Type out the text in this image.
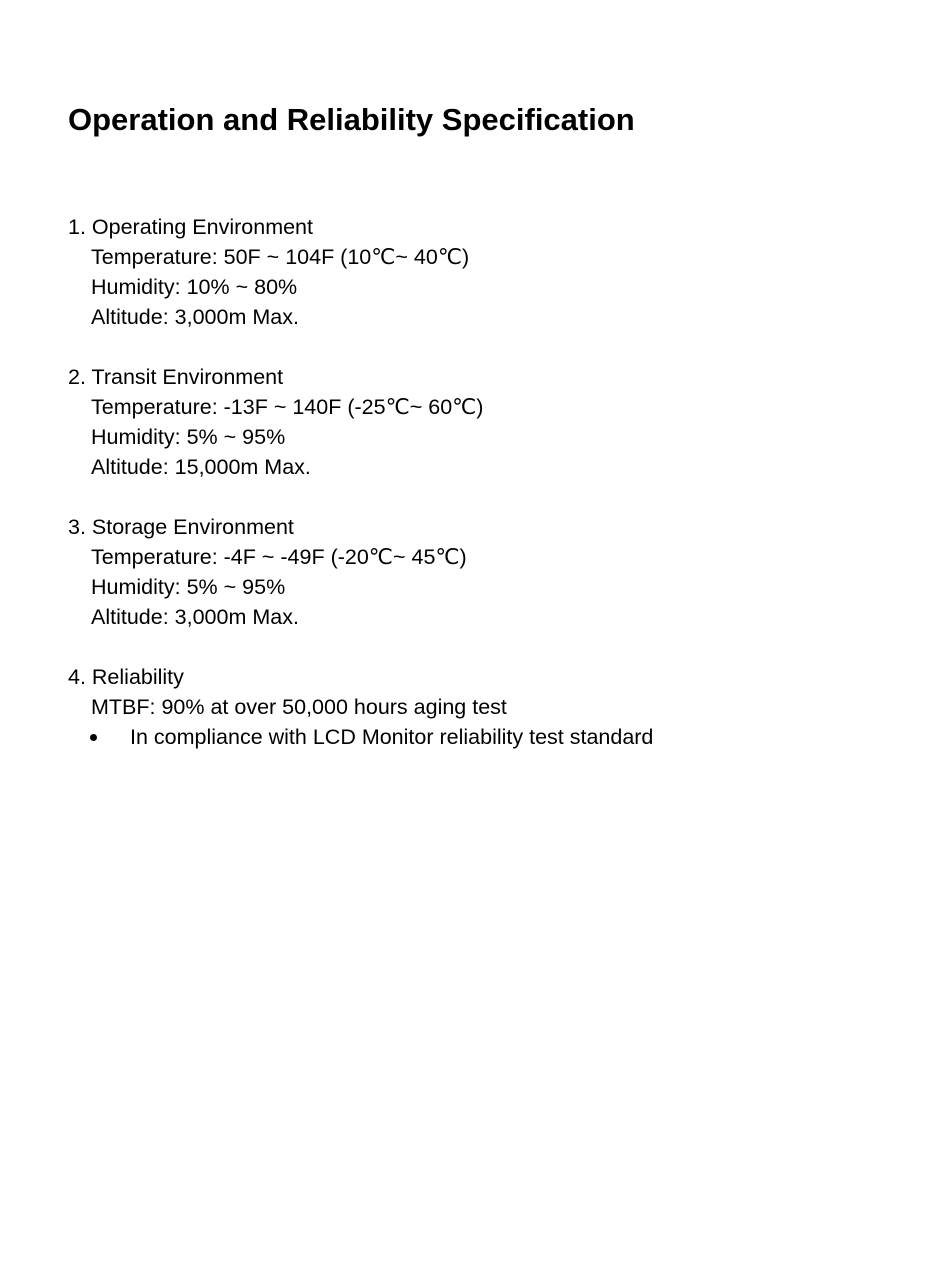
Operation and Reliability Specification
1. Operating Environment
Temperature: 50F ~ 104F (10℃~ 40℃)
Humidity: 10% ~ 80%
Altitude: 3,000m Max.
2. Transit Environment
Temperature: -13F ~ 140F (-25℃~ 60℃)
Humidity: 5% ~ 95%
Altitude: 15,000m Max.
3. Storage Environment
Temperature: -4F ~ -49F (-20℃~ 45℃)
Humidity: 5% ~ 95%
Altitude: 3,000m Max.
4. Reliability
MTBF: 90% at over 50,000 hours aging test
In compliance with LCD Monitor reliability test standard
